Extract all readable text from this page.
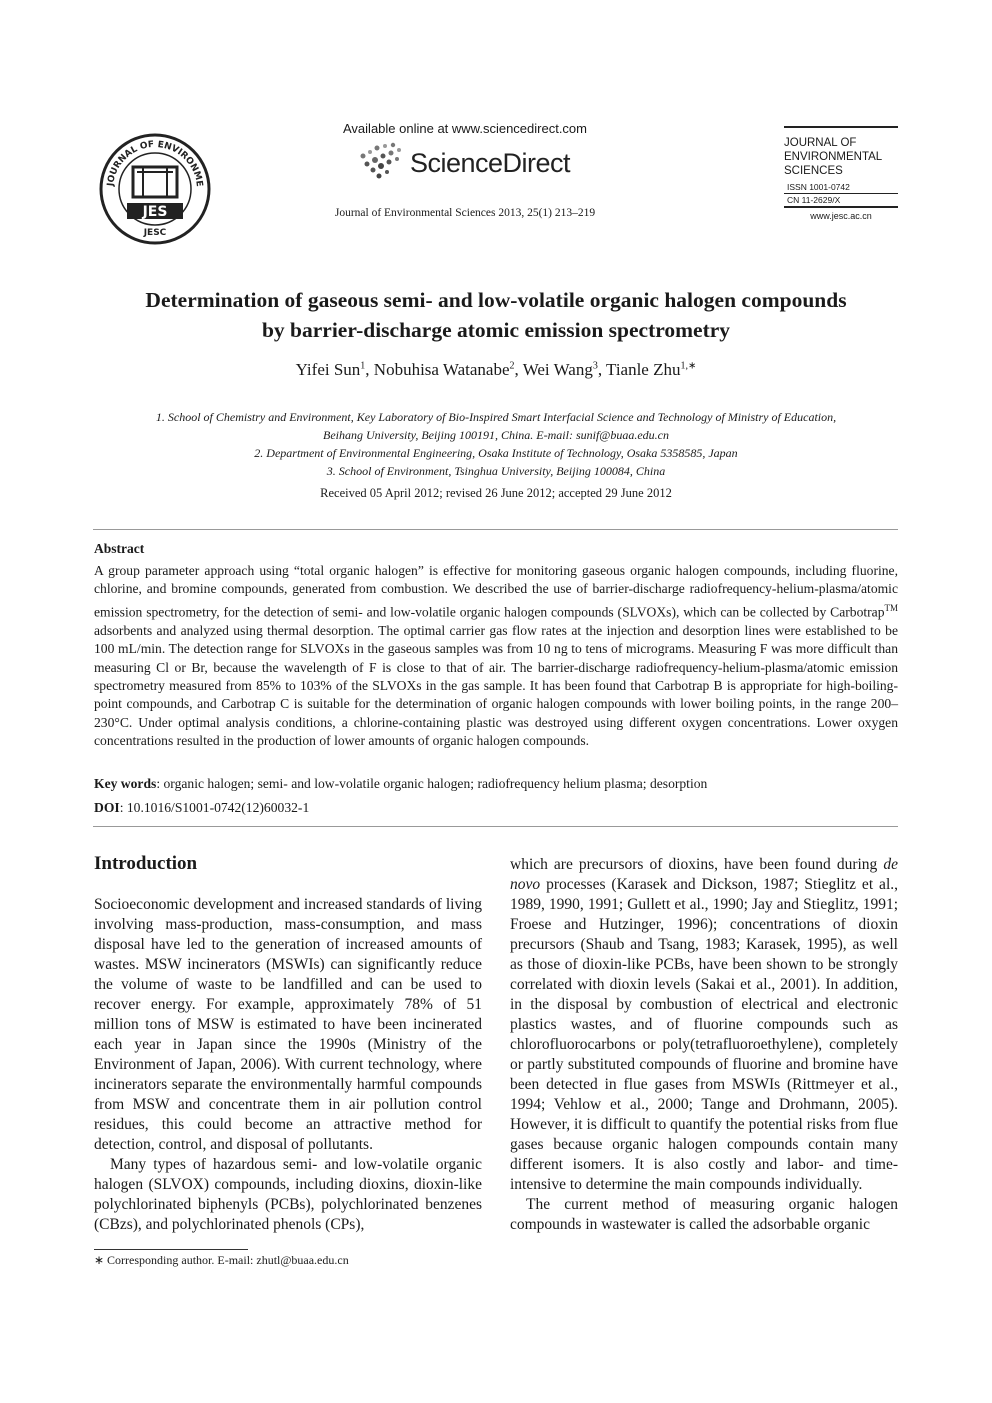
JOURNAL OF ENVIRONME
JES
JESC
Available online at www.sciencedirect.com
ScienceDirect
Journal of Environmental Sciences 2013, 25(1) 213–219
JOURNAL OF
ENVIRONMENTAL
SCIENCES
ISSN 1001-0742
CN 11-2629/X
www.jesc.ac.cn
Determination of gaseous semi- and low-volatile organic halogen compounds
by barrier-discharge atomic emission spectrometry
Yifei Sun$^1$, Nobuhisa Watanabe$^2$, Wei Wang$^3$, Tianle Zhu$^{1,∗}$
1. School of Chemistry and Environment, Key Laboratory of Bio-Inspired Smart Interfacial Science and Technology of Ministry of Education,
Beihang University, Beijing 100191, China. E-mail: sunif@buaa.edu.cn
2. Department of Environmental Engineering, Osaka Institute of Technology, Osaka 5358585, Japan
3. School of Environment, Tsinghua University, Beijing 100084, China
Received 05 April 2012; revised 26 June 2012; accepted 29 June 2012
Abstract
A group parameter approach using “total organic halogen” is effective for monitoring gaseous organic halogen compounds, including fluorine, chlorine, and bromine compounds, generated from combustion. We described the use of barrier-discharge radiofrequency-helium-plasma/atomic emission spectrometry, for the detection of semi- and low-volatile organic halogen compounds (SLVOXs), which can be collected by Carbotrap™ adsorbents and analyzed using thermal desorption. The optimal carrier gas flow rates at the injection and desorption lines were established to be 100 mL/min. The detection range for SLVOXs in the gaseous samples was from 10 ng to tens of micrograms. Measuring F was more difficult than measuring Cl or Br, because the wavelength of F is close to that of air. The barrier-discharge radiofrequency-helium-plasma/atomic emission spectrometry measured from 85% to 103% of the SLVOXs in the gas sample. It has been found that Carbotrap B is appropriate for high-boiling-point compounds, and Carbotrap C is suitable for the determination of organic halogen compounds with lower boiling points, in the range 200–230°C. Under optimal analysis conditions, a chlorine-containing plastic was destroyed using different oxygen concentrations. Lower oxygen concentrations resulted in the production of lower amounts of organic halogen compounds.
Key words: organic halogen; semi- and low-volatile organic halogen; radiofrequency helium plasma; desorption
DOI: 10.1016/S1001-0742(12)60032-1
Introduction

Socioeconomic development and increased standards of living involving mass-production, mass-consumption, and mass disposal have led to the generation of increased amounts of wastes. MSW incinerators (MSWIs) can significantly reduce the volume of waste to be landfilled and can be used to recover energy. For example, approximately 78% of 51 million tons of MSW is estimated to have been incinerated each year in Japan since the 1990s (Ministry of the Environment of Japan, 2006). With current technology, where incinerators separate the environmentally harmful compounds from MSW and concentrate them in air pollution control residues, this could become an attractive method for detection, control, and disposal of pollutants.

Many types of hazardous semi- and low-volatile organic halogen (SLVOX) compounds, including dioxins, dioxin-like polychlorinated biphenyls (PCBs), polychlorinated benzenes (CBzs), and polychlorinated phenols (CPs),

which are precursors of dioxins, have been found during de novo processes (Karasek and Dickson, 1987; Stieglitz et al., 1989, 1990, 1991; Gullett et al., 1990; Jay and Stieglitz, 1991; Froese and Hutzinger, 1996); concentrations of dioxin precursors (Shaub and Tsang, 1983; Karasek, 1995), as well as those of dioxin-like PCBs, have been shown to be strongly correlated with dioxin levels (Sakai et al., 2001). In addition, in the disposal by combustion of electrical and electronic plastics wastes, and of fluorine compounds such as chlorofluorocarbons or poly(tetrafluoroethylene), completely or partly substituted compounds of fluorine and bromine have been detected in flue gases from MSWIs (Rittmeyer et al., 1994; Vehlow et al., 2000; Tange and Drohmann, 2005). However, it is difficult to quantify the potential risks from flue gases because organic halogen compounds contain many different isomers. It is also costly and labor- and time-intensive to determine the main compounds individually.

The current method of measuring organic halogen compounds in wastewater is called the adsorbable organic

∗ Corresponding author. E-mail: zhutl@buaa.edu.cn
